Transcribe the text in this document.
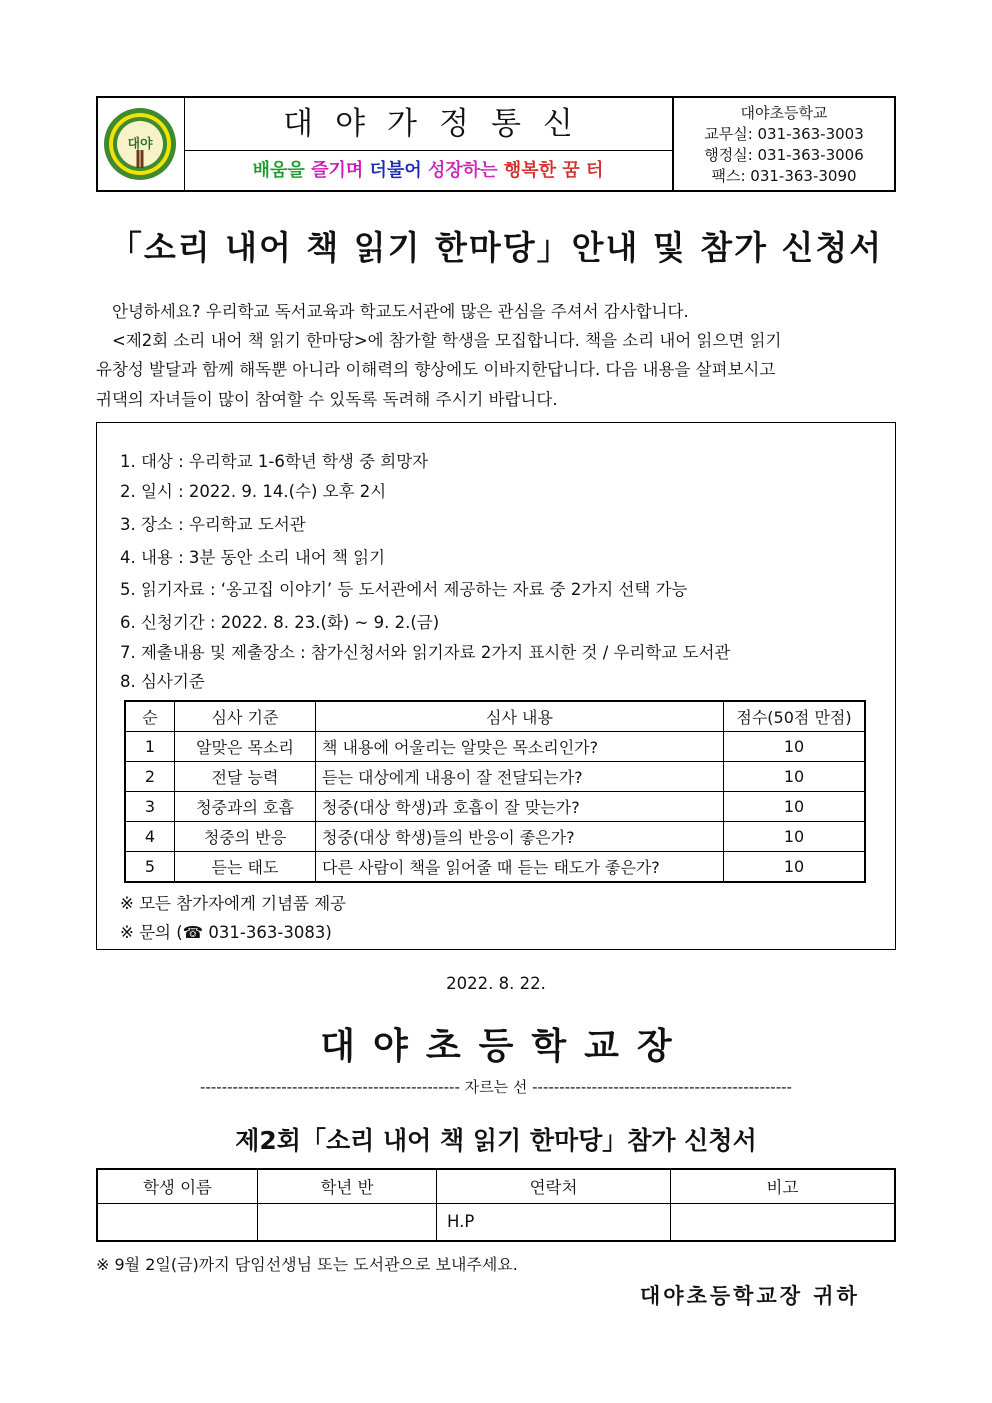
대야
대야가정통신
배움을 즐기며 더불어 성장하는 행복한 꿈 터
대야초등학교
교무실: 031-363-3003
행정실: 031-363-3006
팩스: 031-363-3090
「소리 내어 책 읽기 한마당」안내 및 참가 신청서
안녕하세요? 우리학교 독서교육과 학교도서관에 많은 관심을 주셔서 감사합니다.
<제2회 소리 내어 책 읽기 한마당>에 참가할 학생을 모집합니다. 책을 소리 내어 읽으면 읽기
유창성 발달과 함께 해독뿐 아니라 이해력의 향상에도 이바지한답니다. 다음 내용을 살펴보시고
귀댁의 자녀들이 많이 참여할 수 있독록 독려해 주시기 바랍니다.
1. 대상 : 우리학교 1-6학년 학생 중 희망자
2. 일시 : 2022. 9. 14.(수) 오후 2시
3. 장소 : 우리학교 도서관
4. 내용 : 3분 동안 소리 내어 책 읽기
5. 읽기자료 : ‘옹고집 이야기’ 등 도서관에서 제공하는 자료 중 2가지 선택 가능
6. 신청기간 : 2022. 8. 23.(화) ~ 9. 2.(금)
7. 제출내용 및 제출장소 : 참가신청서와 읽기자료 2가지 표시한 것 / 우리학교 도서관
8. 심사기준
순	심사 기준	심사 내용	점수(50점 만점)
1	알맞은 목소리	책 내용에 어울리는 알맞은 목소리인가?	10
2	전달 능력	듣는 대상에게 내용이 잘 전달되는가?	10
3	청중과의 호흡	청중(대상 학생)과 호흡이 잘 맞는가?	10
4	청중의 반응	청중(대상 학생)들의 반응이 좋은가?	10
5	듣는 태도	다른 사람이 책을 읽어줄 때 듣는 태도가 좋은가?	10
※ 모든 참가자에게 기념품 제공
※ 문의 (☎ 031-363-3083)
2022. 8. 22.
대야초등학교장
------------------------------------------------ 자르는 선 ------------------------------------------------
제2회「소리 내어 책 읽기 한마당」참가 신청서
학생 이름	학년 반	연락처	비고
		H.P	
※ 9월 2일(금)까지 담임선생님 또는 도서관으로 보내주세요.
대야초등학교장 귀하
